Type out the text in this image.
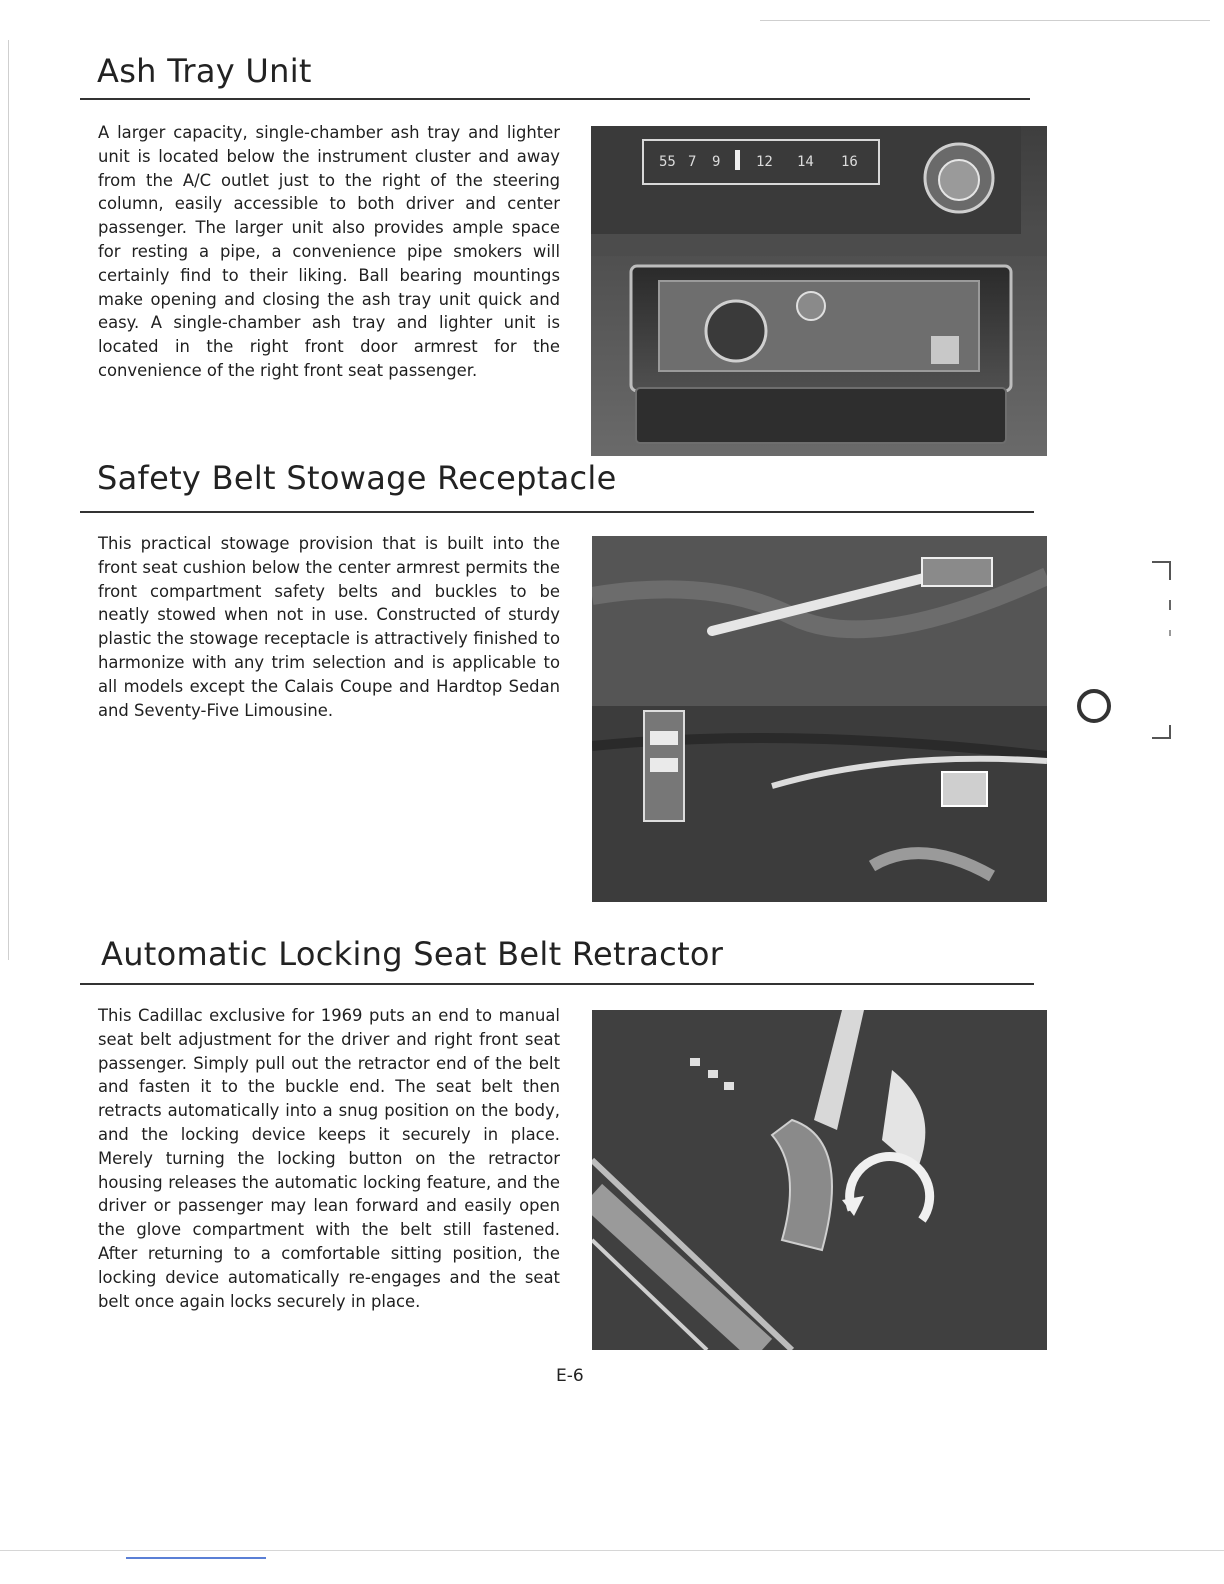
Ash Tray Unit

A larger capacity, single-chamber ash tray and lighter unit is located below the instrument cluster and away from the A/C outlet just to the right of the steering column, easily accessible to both driver and center passenger. The larger unit also provides ample space for resting a pipe, a convenience pipe smokers will certainly find to their liking. Ball bearing mountings make opening and closing the ash tray unit quick and easy. A single-chamber ash tray and lighter unit is located in the right front door armrest for the convenience of the right front seat passenger.

55 7 9	12 14 16
Safety Belt Stowage Receptacle

This practical stowage provision that is built into the front seat cushion below the center armrest permits the front compartment safety belts and buckles to be neatly stowed when not in use. Constructed of sturdy plastic the stowage receptacle is attractively finished to harmonize with any trim selection and is applicable to all models except the Calais Coupe and Hardtop Sedan and Seventy-Five Limousine.

Automatic Locking Seat Belt Retractor

This Cadillac exclusive for 1969 puts an end to manual seat belt adjustment for the driver and right front seat passenger. Simply pull out the retractor end of the belt and fasten it to the buckle end. The seat belt then retracts automatically into a snug position on the body, and the locking device keeps it securely in place. Merely turning the locking button on the retractor housing releases the automatic locking feature, and the driver or passenger may lean forward and easily open the glove compartment with the belt still fastened. After returning to a comfortable sitting position, the locking device automatically re-engages and the seat belt once again locks securely in place.

E-6
